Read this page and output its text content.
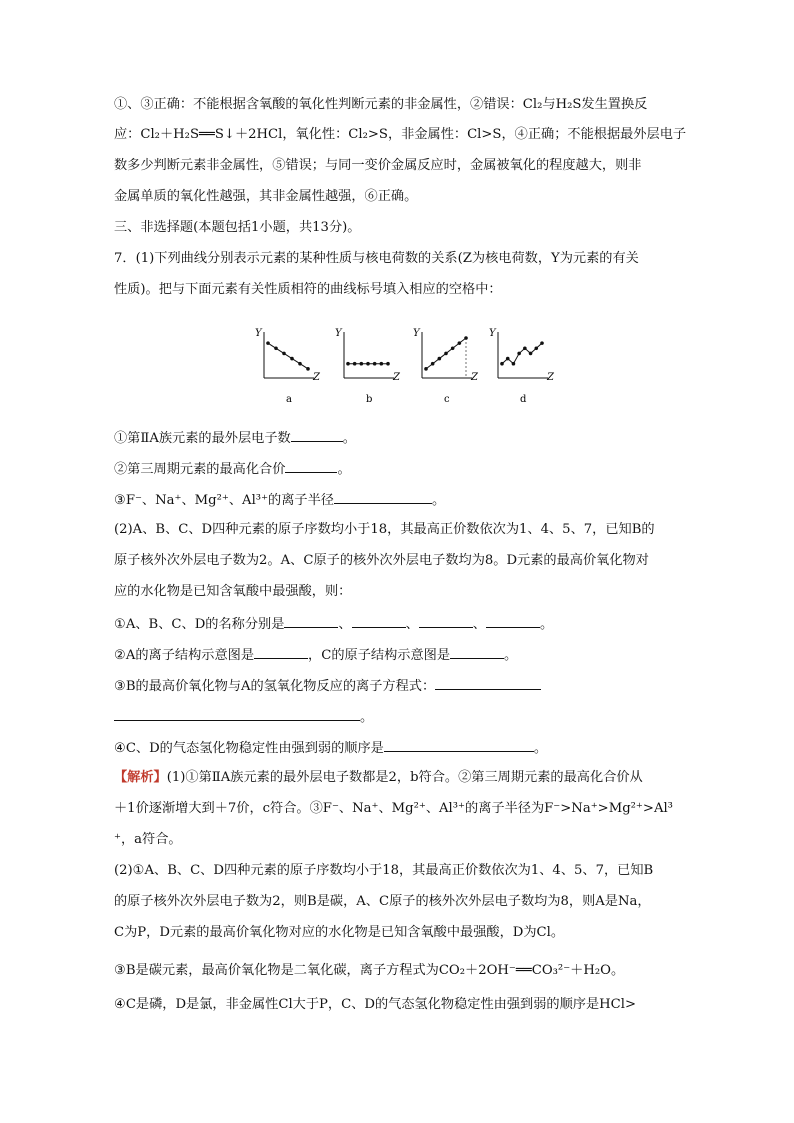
①、③正确：不能根据含氧酸的氧化性判断元素的非金属性，②错误：Cl₂与H₂S发生置换反
应：Cl₂＋H₂S══S↓＋2HCl，氧化性：Cl₂>S，非金属性：Cl>S，④正确；不能根据最外层电子
数多少判断元素非金属性，⑤错误；与同一变价金属反应时，金属被氧化的程度越大，则非
金属单质的氧化性越强，其非金属性越强，⑥正确。
三、非选择题(本题包括1小题，共13分)。
7．(1)下列曲线分别表示元素的某种性质与核电荷数的关系(Z为核电荷数，Y为元素的有关
性质)。把与下面元素有关性质相符的曲线标号填入相应的空格中：
Y
Z
a
Y
Z
b
Y
Z
c
Y
Z
d
①第ⅡA族元素的最外层电子数	。
②第三周期元素的最高化合价	。
③F⁻、Na⁺、Mg²⁺、Al³⁺的离子半径	。
(2)A、B、C、D四种元素的原子序数均小于18，其最高正价数依次为1、4、5、7，已知B的
原子核外次外层电子数为2。A、C原子的核外次外层电子数均为8。D元素的最高价氧化物对
应的水化物是已知含氧酸中最强酸，则：
①A、B、C、D的名称分别是	、	、	、	。
②A的离子结构示意图是	，C的原子结构示意图是	。
③B的最高价氧化物与A的氢氧化物反应的离子方程式：
。
④C、D的气态氢化物稳定性由强到弱的顺序是	。
【解析】(1)①第ⅡA族元素的最外层电子数都是2，b符合。②第三周期元素的最高化合价从
＋1价逐渐增大到＋7价，c符合。③F⁻、Na⁺、Mg²⁺、Al³⁺的离子半径为F⁻>Na⁺>Mg²⁺>Al³
⁺，a符合。
(2)①A、B、C、D四种元素的原子序数均小于18，其最高正价数依次为1、4、5、7，已知B
的原子核外次外层电子数为2，则B是碳，A、C原子的核外次外层电子数均为8，则A是Na，
C为P，D元素的最高价氧化物对应的水化物是已知含氧酸中最强酸，D为Cl。
③B是碳元素，最高价氧化物是二氧化碳，离子方程式为CO₂＋2OH⁻══CO₃²⁻＋H₂O。
④C是磷，D是氯，非金属性Cl大于P，C、D的气态氢化物稳定性由强到弱的顺序是HCl>
